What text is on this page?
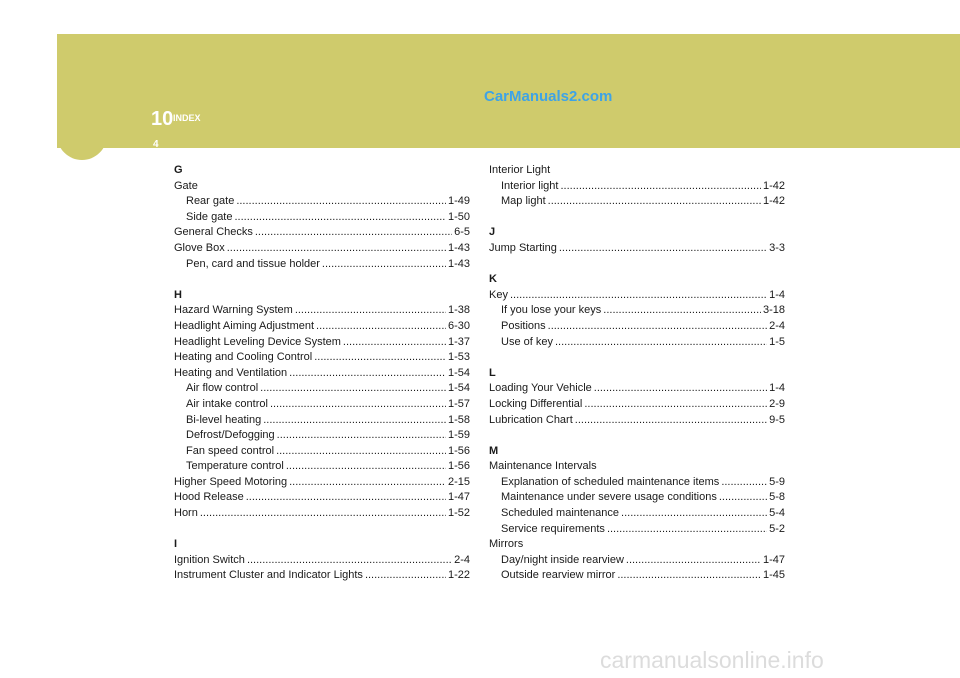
10 INDEX
4
CarManuals2.com
G
Gate
Rear gate .....	1-49
Side gate .....	1-50
General Checks .....	6-5
Glove Box .....	1-43
Pen, card and tissue holder .....	1-43
H
Hazard Warning System .....	1-38
Headlight Aiming Adjustment .....	6-30
Headlight Leveling Device System .....	1-37
Heating and Cooling Control .....	1-53
Heating and Ventilation .....	1-54
Air flow control .....	1-54
Air intake control .....	1-57
Bi-level heating .....	1-58
Defrost/Defogging .....	1-59
Fan speed control .....	1-56
Temperature control .....	1-56
Higher Speed Motoring .....	2-15
Hood Release .....	1-47
Horn .....	1-52
I
Ignition Switch .....	2-4
Instrument Cluster and Indicator Lights .....	1-22
Interior Light
Interior light .....	1-42
Map light .....	1-42
J
Jump Starting .....	3-3
K
Key .....	1-4
If you lose your keys .....	3-18
Positions .....	2-4
Use of key .....	1-5
L
Loading Your Vehicle .....	1-4
Locking Differential .....	2-9
Lubrication Chart .....	9-5
M
Maintenance Intervals
Explanation of scheduled maintenance items .....	5-9
Maintenance under severe usage conditions .....	5-8
Scheduled maintenance .....	5-4
Service requirements .....	5-2
Mirrors
Day/night inside rearview .....	1-47
Outside rearview mirror .....	1-45
carmanualsonline.info
